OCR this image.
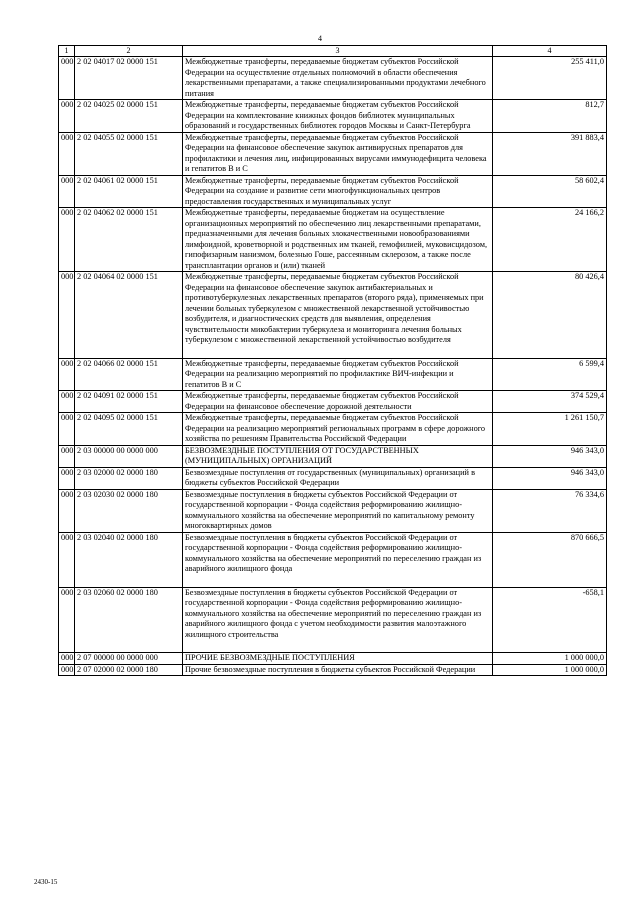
4
1	2	3	4
000	2 02 04017 02 0000 151	Межбюджетные трансферты, передаваемые бюджетам субъектов Российской Федерации на осуществление отдельных полномочий в области обеспечения лекарственными препаратами, а также специализированными продуктами лечебного питания	255 411,0
000	2 02 04025 02 0000 151	Межбюджетные трансферты, передаваемые бюджетам субъектов Российской Федерации на комплектование книжных фондов библиотек муниципальных образований и государственных библиотек городов Москвы и Санкт-Петербурга	812,7
000	2 02 04055 02 0000 151	Межбюджетные трансферты, передаваемые бюджетам субъектов Российской Федерации на финансовое обеспечение закупок антивирусных препаратов для профилактики и лечения лиц, инфицированных вирусами иммунодефицита человека и гепатитов В и С	391 883,4
000	2 02 04061 02 0000 151	Межбюджетные трансферты, передаваемые бюджетам субъектов Российской Федерации на создание и развитие сети многофункциональных центров предоставления государственных и муниципальных услуг	58 602,4
000	2 02 04062 02 0000 151	Межбюджетные трансферты, передаваемые бюджетам на осуществление организационных мероприятий по обеспечению лиц лекарственными препаратами, предназначенными для лечения больных злокачественными новообразованиями лимфоидной, кроветворной и родственных им тканей, гемофилией, муковисцидозом, гипофизарным нанизмом, болезнью Гоше, рассеянным склерозом, а также после трансплантации органов и (или) тканей	24 166,2
000	2 02 04064 02 0000 151	Межбюджетные трансферты, передаваемые бюджетам субъектов Российской Федерации на финансовое обеспечение закупок антибактериальных и противотуберкулезных лекарственных препаратов (второго ряда), применяемых при лечении больных туберкулезом с множественной лекарственной устойчивостью возбудителя, и диагностических средств для выявления, определения чувствительности микобактерии туберкулеза и мониторинга лечения больных туберкулезом с множественной лекарственной устойчивостью возбудителя	80 426,4
000	2 02 04066 02 0000 151	Межбюджетные трансферты, передаваемые бюджетам субъектов Российской Федерации на реализацию мероприятий по профилактике ВИЧ-инфекции и гепатитов В и С	6 599,4
000	2 02 04091 02 0000 151	Межбюджетные трансферты, передаваемые бюджетам субъектов Российской Федерации на финансовое обеспечение дорожной деятельности	374 529,4
000	2 02 04095 02 0000 151	Межбюджетные трансферты, передаваемые бюджетам субъектов Российской Федерации на реализацию мероприятий региональных программ в сфере дорожного хозяйства по решениям Правительства Российской Федерации	1 261 150,7
000	2 03 00000 00 0000 000	БЕЗВОЗМЕЗДНЫЕ ПОСТУПЛЕНИЯ ОТ ГОСУДАРСТВЕННЫХ (МУНИЦИПАЛЬНЫХ) ОРГАНИЗАЦИЙ	946 343,0
000	2 03 02000 02 0000 180	Безвозмездные поступления от государственных (муниципальных) организаций в бюджеты субъектов Российской Федерации	946 343,0
000	2 03 02030 02 0000 180	Безвозмездные поступления в бюджеты субъектов Российской Федерации от государственной корпорации - Фонда содействия реформированию жилищно-коммунального хозяйства на обеспечение мероприятий по капитальному ремонту многоквартирных домов	76 334,6
000	2 03 02040 02 0000 180	Безвозмездные поступления в бюджеты субъектов Российской Федерации от государственной корпорации - Фонда содействия реформированию жилищно-коммунального хозяйства на обеспечение мероприятий по переселению граждан из аварийного жилищного фонда	870 666,5
000	2 03 02060 02 0000 180	Безвозмездные поступления в бюджеты субъектов Российской Федерации от государственной корпорации - Фонда содействия реформированию жилищно-коммунального хозяйства на обеспечение мероприятий по переселению граждан из аварийного жилищного фонда с учетом необходимости развития малоэтажного жилищного строительства	-658,1
000	2 07 00000 00 0000 000	ПРОЧИЕ БЕЗВОЗМЕЗДНЫЕ ПОСТУПЛЕНИЯ	1 000 000,0
000	2 07 02000 02 0000 180	Прочие безвозмездные поступления в бюджеты субъектов Российской Федерации	1 000 000,0
2430-15
